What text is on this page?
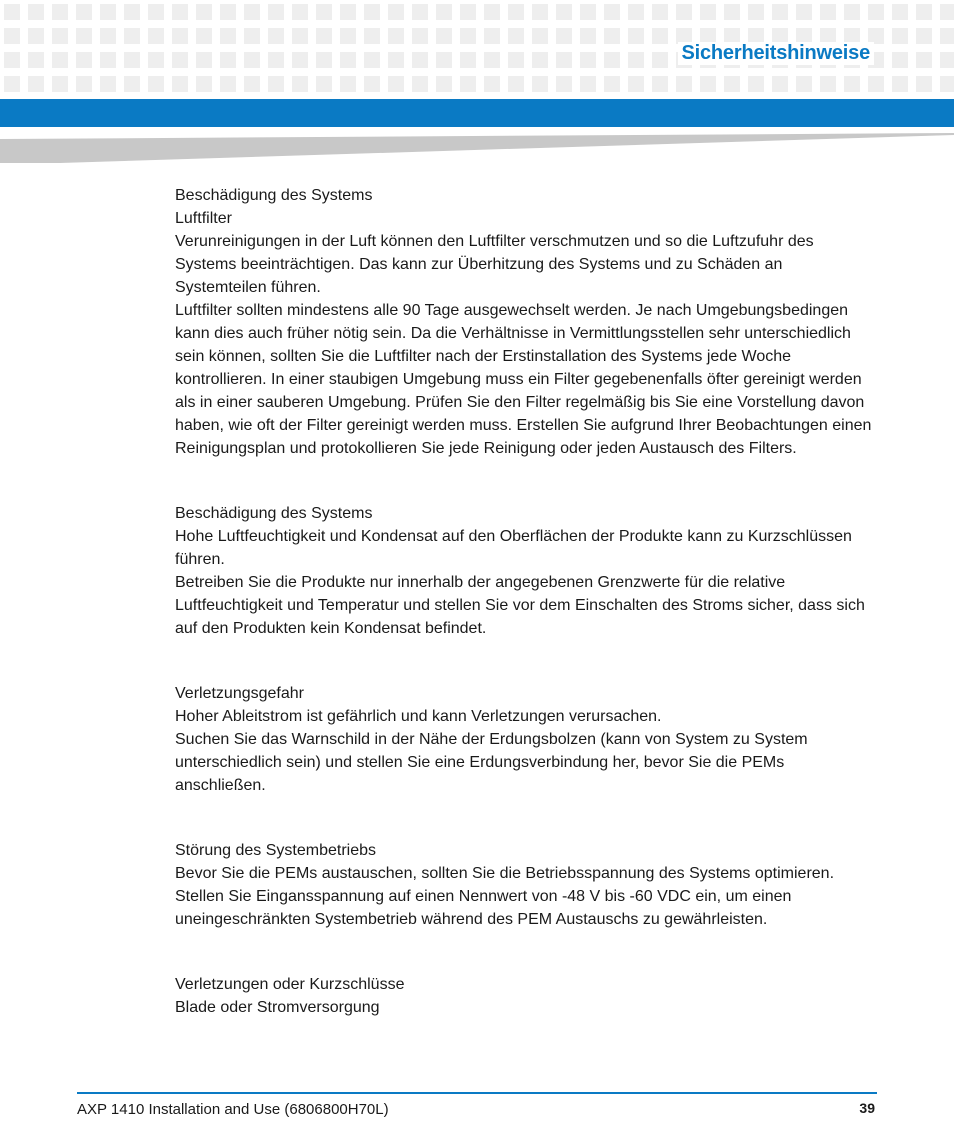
Sicherheitshinweise

Beschädigung des Systems

Luftfilter

Verunreinigungen in der Luft können den Luftfilter verschmutzen und so die Luftzufuhr des Systems beeinträchtigen. Das kann zur Überhitzung des Systems und zu Schäden an Systemteilen führen.

Luftfilter sollten mindestens alle 90 Tage ausgewechselt werden. Je nach Umgebungsbedingen kann dies auch früher nötig sein. Da die Verhältnisse in Vermittlungsstellen sehr unterschiedlich sein können, sollten Sie die Luftfilter nach der Erstinstallation des Systems jede Woche kontrollieren. In einer staubigen Umgebung muss ein Filter gegebenenfalls öfter gereinigt werden als in einer sauberen Umgebung. Prüfen Sie den Filter regelmäßig bis Sie eine Vorstellung davon haben, wie oft der Filter gereinigt werden muss. Erstellen Sie aufgrund Ihrer Beobachtungen einen Reinigungsplan und protokollieren Sie jede Reinigung oder jeden Austausch des Filters.

Beschädigung des Systems

Hohe Luftfeuchtigkeit und Kondensat auf den Oberflächen der Produkte kann zu Kurzschlüssen führen.

Betreiben Sie die Produkte nur innerhalb der angegebenen Grenzwerte für die relative Luftfeuchtigkeit und Temperatur und stellen Sie vor dem Einschalten des Stroms sicher, dass sich auf den Produkten kein Kondensat befindet.

Verletzungsgefahr

Hoher Ableitstrom ist gefährlich und kann Verletzungen verursachen.

Suchen Sie das Warnschild in der Nähe der Erdungsbolzen (kann von System zu System unterschiedlich sein) und stellen Sie eine Erdungsverbindung her, bevor Sie die PEMs anschließen.

Störung des Systembetriebs

Bevor Sie die PEMs austauschen, sollten Sie die Betriebsspannung des Systems optimieren. Stellen Sie Eingansspannung auf einen Nennwert von -48 V bis -60 VDC ein, um einen uneingeschränkten Systembetrieb während des PEM Austauschs zu gewährleisten.

Verletzungen oder Kurzschlüsse

Blade oder Stromversorgung

AXP 1410 Installation and Use (6806800H70L)	39
